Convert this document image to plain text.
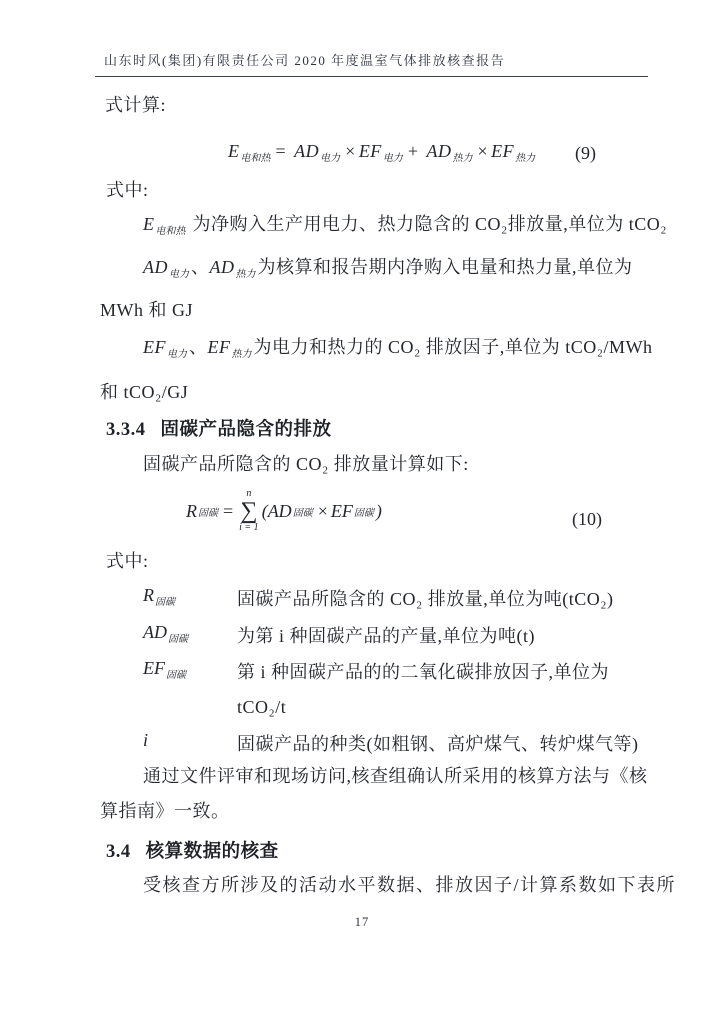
山东时风(集团)有限责任公司 2020 年度温室气体排放核查报告
式计算:
$E_{电和热} = AD_{电力} \times EF_{电力} + AD_{热力} \times EF_{热力}$ (9)
式中:
$E_{电和热}$ 为净购入生产用电力、热力隐含的 CO₂排放量,单位为 tCO₂
$AD_{电力}$ 、$AD_{热力}$ 为核算和报告期内净购入电量和热力量,单位为
MWh 和 GJ
$EF_{电力}$ 、$EF_{热力}$ 为电力和热力的 CO₂ 排放因子,单位为 tCO₂/MWh
和 tCO₂/GJ
3.3.4 固碳产品隐含的排放
固碳产品所隐含的 CO₂ 排放量计算如下:
R 固碳 =
n
∑
i = 1
( AD 固碳 × EF 固碳 )	(10)
式中:
$R_{固碳}$	固碳产品所隐含的 CO₂ 排放量,单位为吨(tCO₂)
$AD_{固碳}$	为第 i 种固碳产品的产量,单位为吨(t)
$EF_{固碳}$	第 i 种固碳产品的的二氧化碳排放因子,单位为
tCO₂/t
i	固碳产品的种类(如粗钢、高炉煤气、转炉煤气等)
通过文件评审和现场访问,核查组确认所采用的核算方法与《核
算指南》一致。
3.4 核算数据的核查
受核查方所涉及的活动水平数据、排放因子/计算系数如下表所
17
